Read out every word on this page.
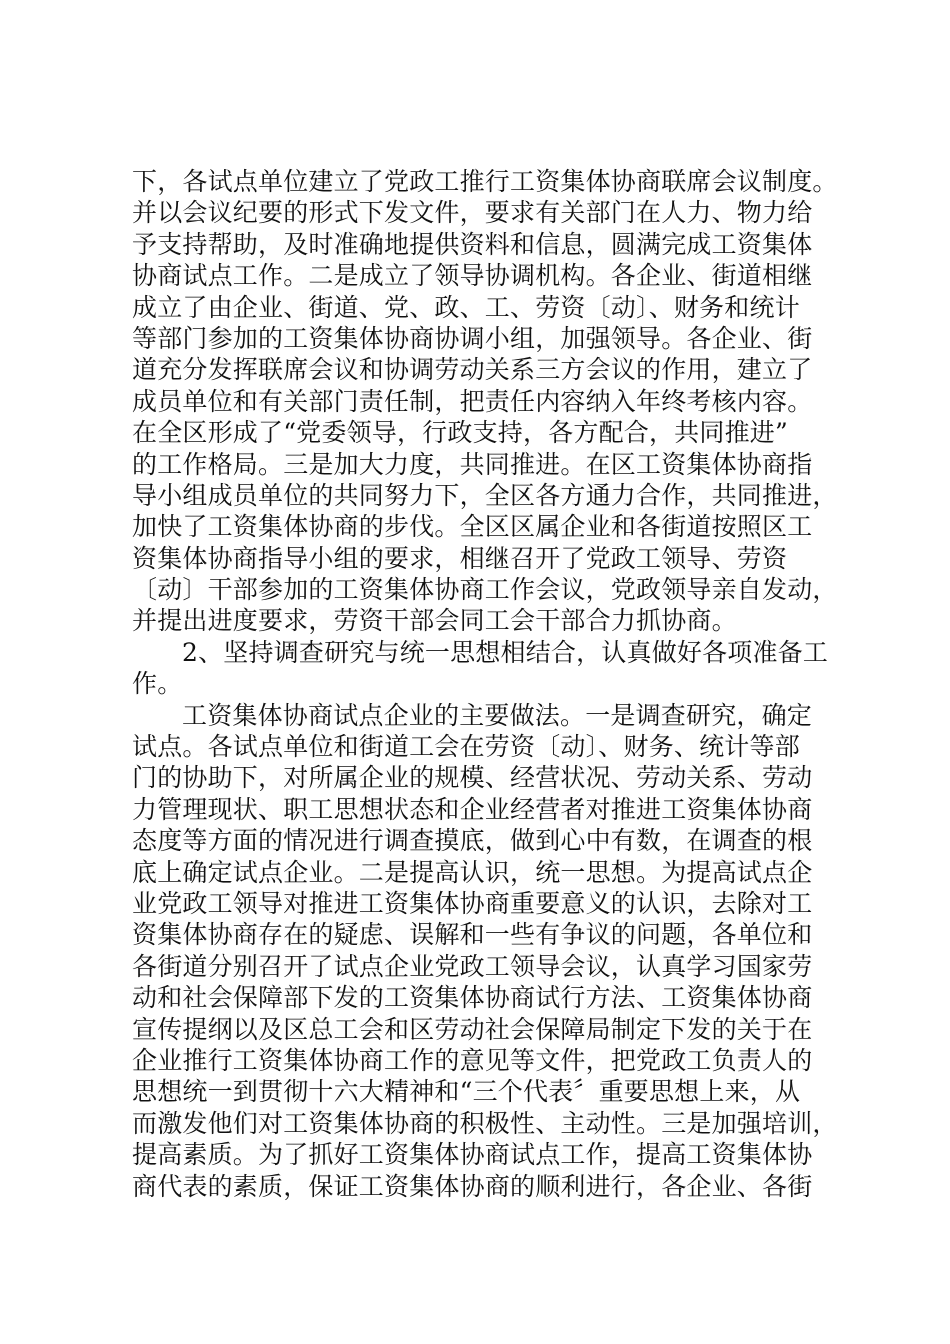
下，各试点单位建立了党政工推行工资集体协商联席会议制度。
并以会议纪要的形式下发文件，要求有关部门在人力、物力给
予支持帮助，及时准确地提供资料和信息，圆满完成工资集体
协商试点工作。二是成立了领导协调机构。各企业、街道相继
成立了由企业、街道、党、政、工、劳资〔动〕、财务和统计
等部门参加的工资集体协商协调小组，加强领导。各企业、街
道充分发挥联席会议和协调劳动关系三方会议的作用，建立了
成员单位和有关部门责任制，把责任内容纳入年终考核内容。
在全区形成了“党委领导，行政支持，各方配合，共同推进”
的工作格局。三是加大力度，共同推进。在区工资集体协商指
导小组成员单位的共同努力下，全区各方通力合作，共同推进，
加快了工资集体协商的步伐。全区区属企业和各街道按照区工
资集体协商指导小组的要求，相继召开了党政工领导、劳资
〔动〕干部参加的工资集体协商工作会议，党政领导亲自发动，
并提出进度要求，劳资干部会同工会干部合力抓协商。
2、坚持调查研究与统一思想相结合，认真做好各项准备工
作。
工资集体协商试点企业的主要做法。一是调查研究，确定
试点。各试点单位和街道工会在劳资〔动〕、财务、统计等部
门的协助下，对所属企业的规模、经营状况、劳动关系、劳动
力管理现状、职工思想状态和企业经营者对推进工资集体协商
态度等方面的情况进行调查摸底，做到心中有数，在调查的根
底上确定试点企业。二是提高认识，统一思想。为提高试点企
业党政工领导对推进工资集体协商重要意义的认识，去除对工
资集体协商存在的疑虑、误解和一些有争议的问题，各单位和
各街道分别召开了试点企业党政工领导会议，认真学习国家劳
动和社会保障部下发的工资集体协商试行方法、工资集体协商
宣传提纲以及区总工会和区劳动社会保障局制定下发的关于在
企业推行工资集体协商工作的意见等文件，把党政工负责人的
思想统一到贯彻十六大精神和“三个代表〞重要思想上来，从
而激发他们对工资集体协商的积极性、主动性。三是加强培训，
提高素质。为了抓好工资集体协商试点工作，提高工资集体协
商代表的素质，保证工资集体协商的顺利进行，各企业、各街
